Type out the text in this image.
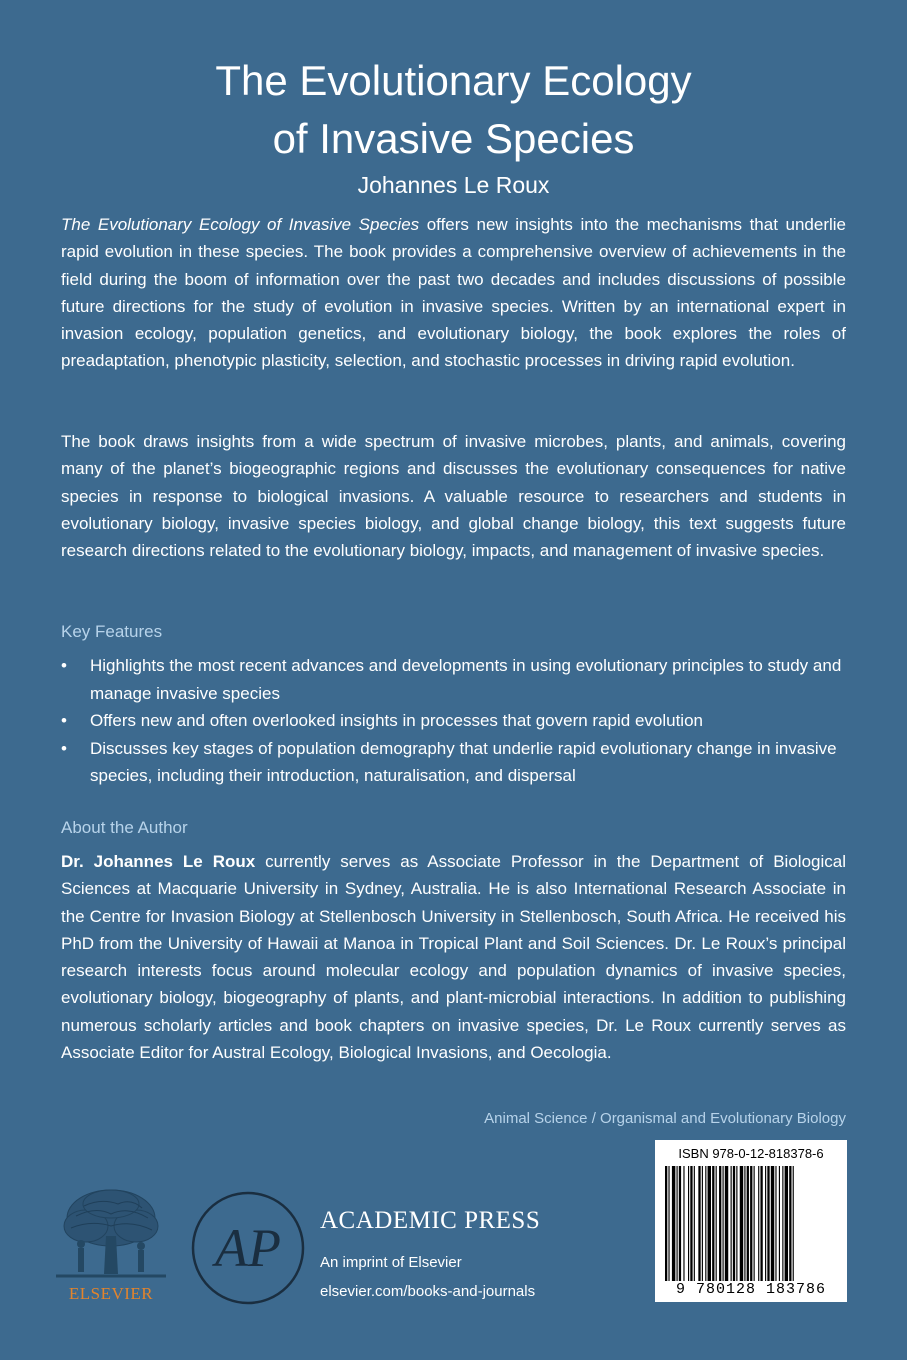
The Evolutionary Ecology
of Invasive Species
Johannes Le Roux

The Evolutionary Ecology of Invasive Species offers new insights into the mechanisms that underlie rapid evolution in these species. The book provides a comprehensive overview of achievements in the field during the boom of information over the past two decades and includes discussions of possible future directions for the study of evolution in invasive species. Written by an international expert in invasion ecology, population genetics, and evolutionary biology, the book explores the roles of preadaptation, phenotypic plasticity, selection, and stochastic processes in driving rapid evolution.

The book draws insights from a wide spectrum of invasive microbes, plants, and animals, covering many of the planet’s biogeographic regions and discusses the evolutionary consequences for native species in response to biological invasions. A valuable resource to researchers and students in evolutionary biology, invasive species biology, and global change biology, this text suggests future research directions related to the evolutionary biology, impacts, and management of invasive species.

Key Features
• Highlights the most recent advances and developments in using evolutionary principles to study and manage invasive species
• Offers new and often overlooked insights in processes that govern rapid evolution
• Discusses key stages of population demography that underlie rapid evolutionary change in invasive species, including their introduction, naturalisation, and dispersal
About the Author

Dr. Johannes Le Roux currently serves as Associate Professor in the Department of Biological Sciences at Macquarie University in Sydney, Australia. He is also International Research Associate in the Centre for Invasion Biology at Stellenbosch University in Stellenbosch, South Africa. He received his PhD from the University of Hawaii at Manoa in Tropical Plant and Soil Sciences. Dr. Le Roux’s principal research interests focus around molecular ecology and population dynamics of invasive species, evolutionary biology, biogeography of plants, and plant-microbial interactions. In addition to publishing numerous scholarly articles and book chapters on invasive species, Dr. Le Roux currently serves as Associate Editor for Austral Ecology, Biological Invasions, and Oecologia.

Animal Science / Organismal and Evolutionary Biology
ELSEVIER
AP ACADEMIC PRESS
An imprint of Elsevier
elsevier.com/books-and-journals
ISBN 978-0-12-818378-6
9 780128 183786
